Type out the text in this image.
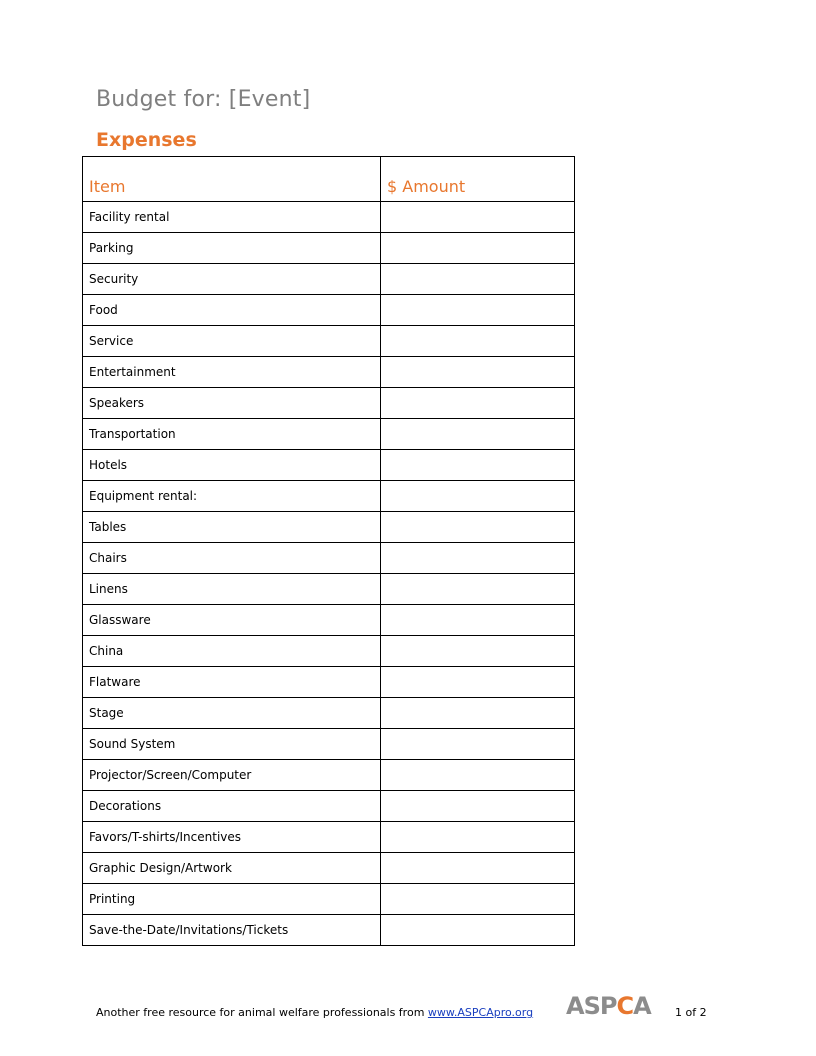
Budget for: [Event]
Expenses
Item	$ Amount
Facility rental	
Parking	
Security	
Food	
Service	
Entertainment	
Speakers	
Transportation	
Hotels	
Equipment rental:	
Tables	
Chairs	
Linens	
Glassware	
China	
Flatware	
Stage	
Sound System	
Projector/Screen/Computer	
Decorations	
Favors/T-shirts/Incentives	
Graphic Design/Artwork	
Printing	
Save-the-Date/Invitations/Tickets	
Another free resource for animal welfare professionals from www.ASPCApro.org ASPCA 1 of 2
